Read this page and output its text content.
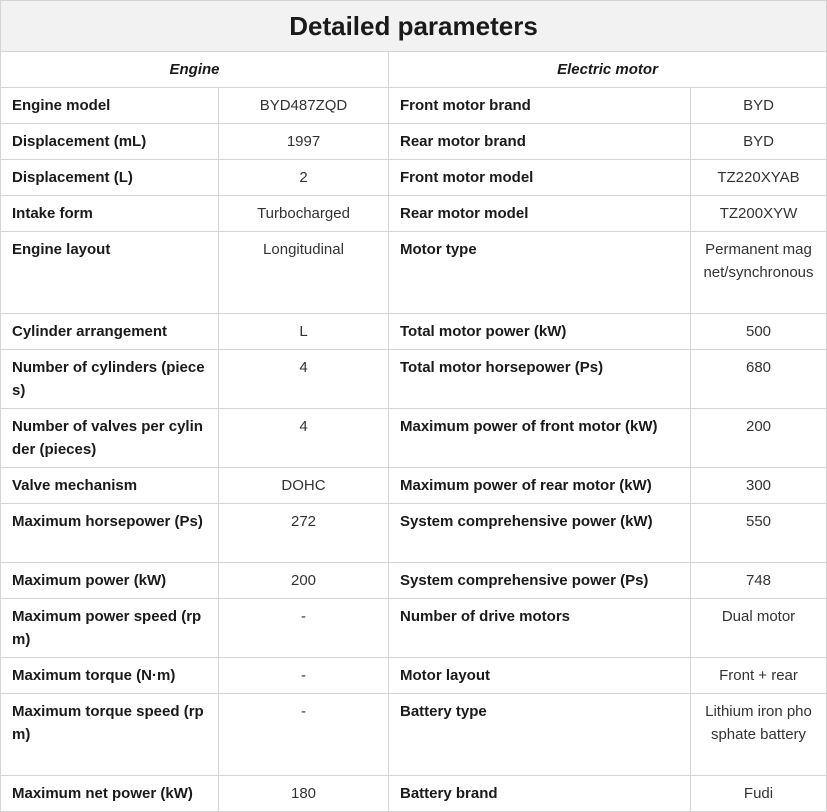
Detailed parameters			
Engine		Electric motor	
Engine model	BYD487ZQD	Front motor brand	BYD
Displacement (mL)	1997	Rear motor brand	BYD
Displacement (L)	2	Front motor model	TZ220XYAB
Intake form	Turbocharged	Rear motor model	TZ200XYW
Engine layout	Longitudinal	Motor type	Permanent magnet/synchronous
Cylinder arrangement	L	Total motor power (kW)	500
Number of cylinders (pieces)	4	Total motor horsepower (Ps)	680
Number of valves per cylinder (pieces)	4	Maximum power of front motor (kW)	200
Valve mechanism	DOHC	Maximum power of rear motor (kW)	300
Maximum horsepower (Ps)	272	System comprehensive power (kW)	550
Maximum power (kW)	200	System comprehensive power (Ps)	748
Maximum power speed (rpm)	-	Number of drive motors	Dual motor
Maximum torque (N·m)	-	Motor layout	Front + rear
Maximum torque speed (rpm)	-	Battery type	Lithium iron phosphate battery
Maximum net power (kW)	180	Battery brand	Fudi
